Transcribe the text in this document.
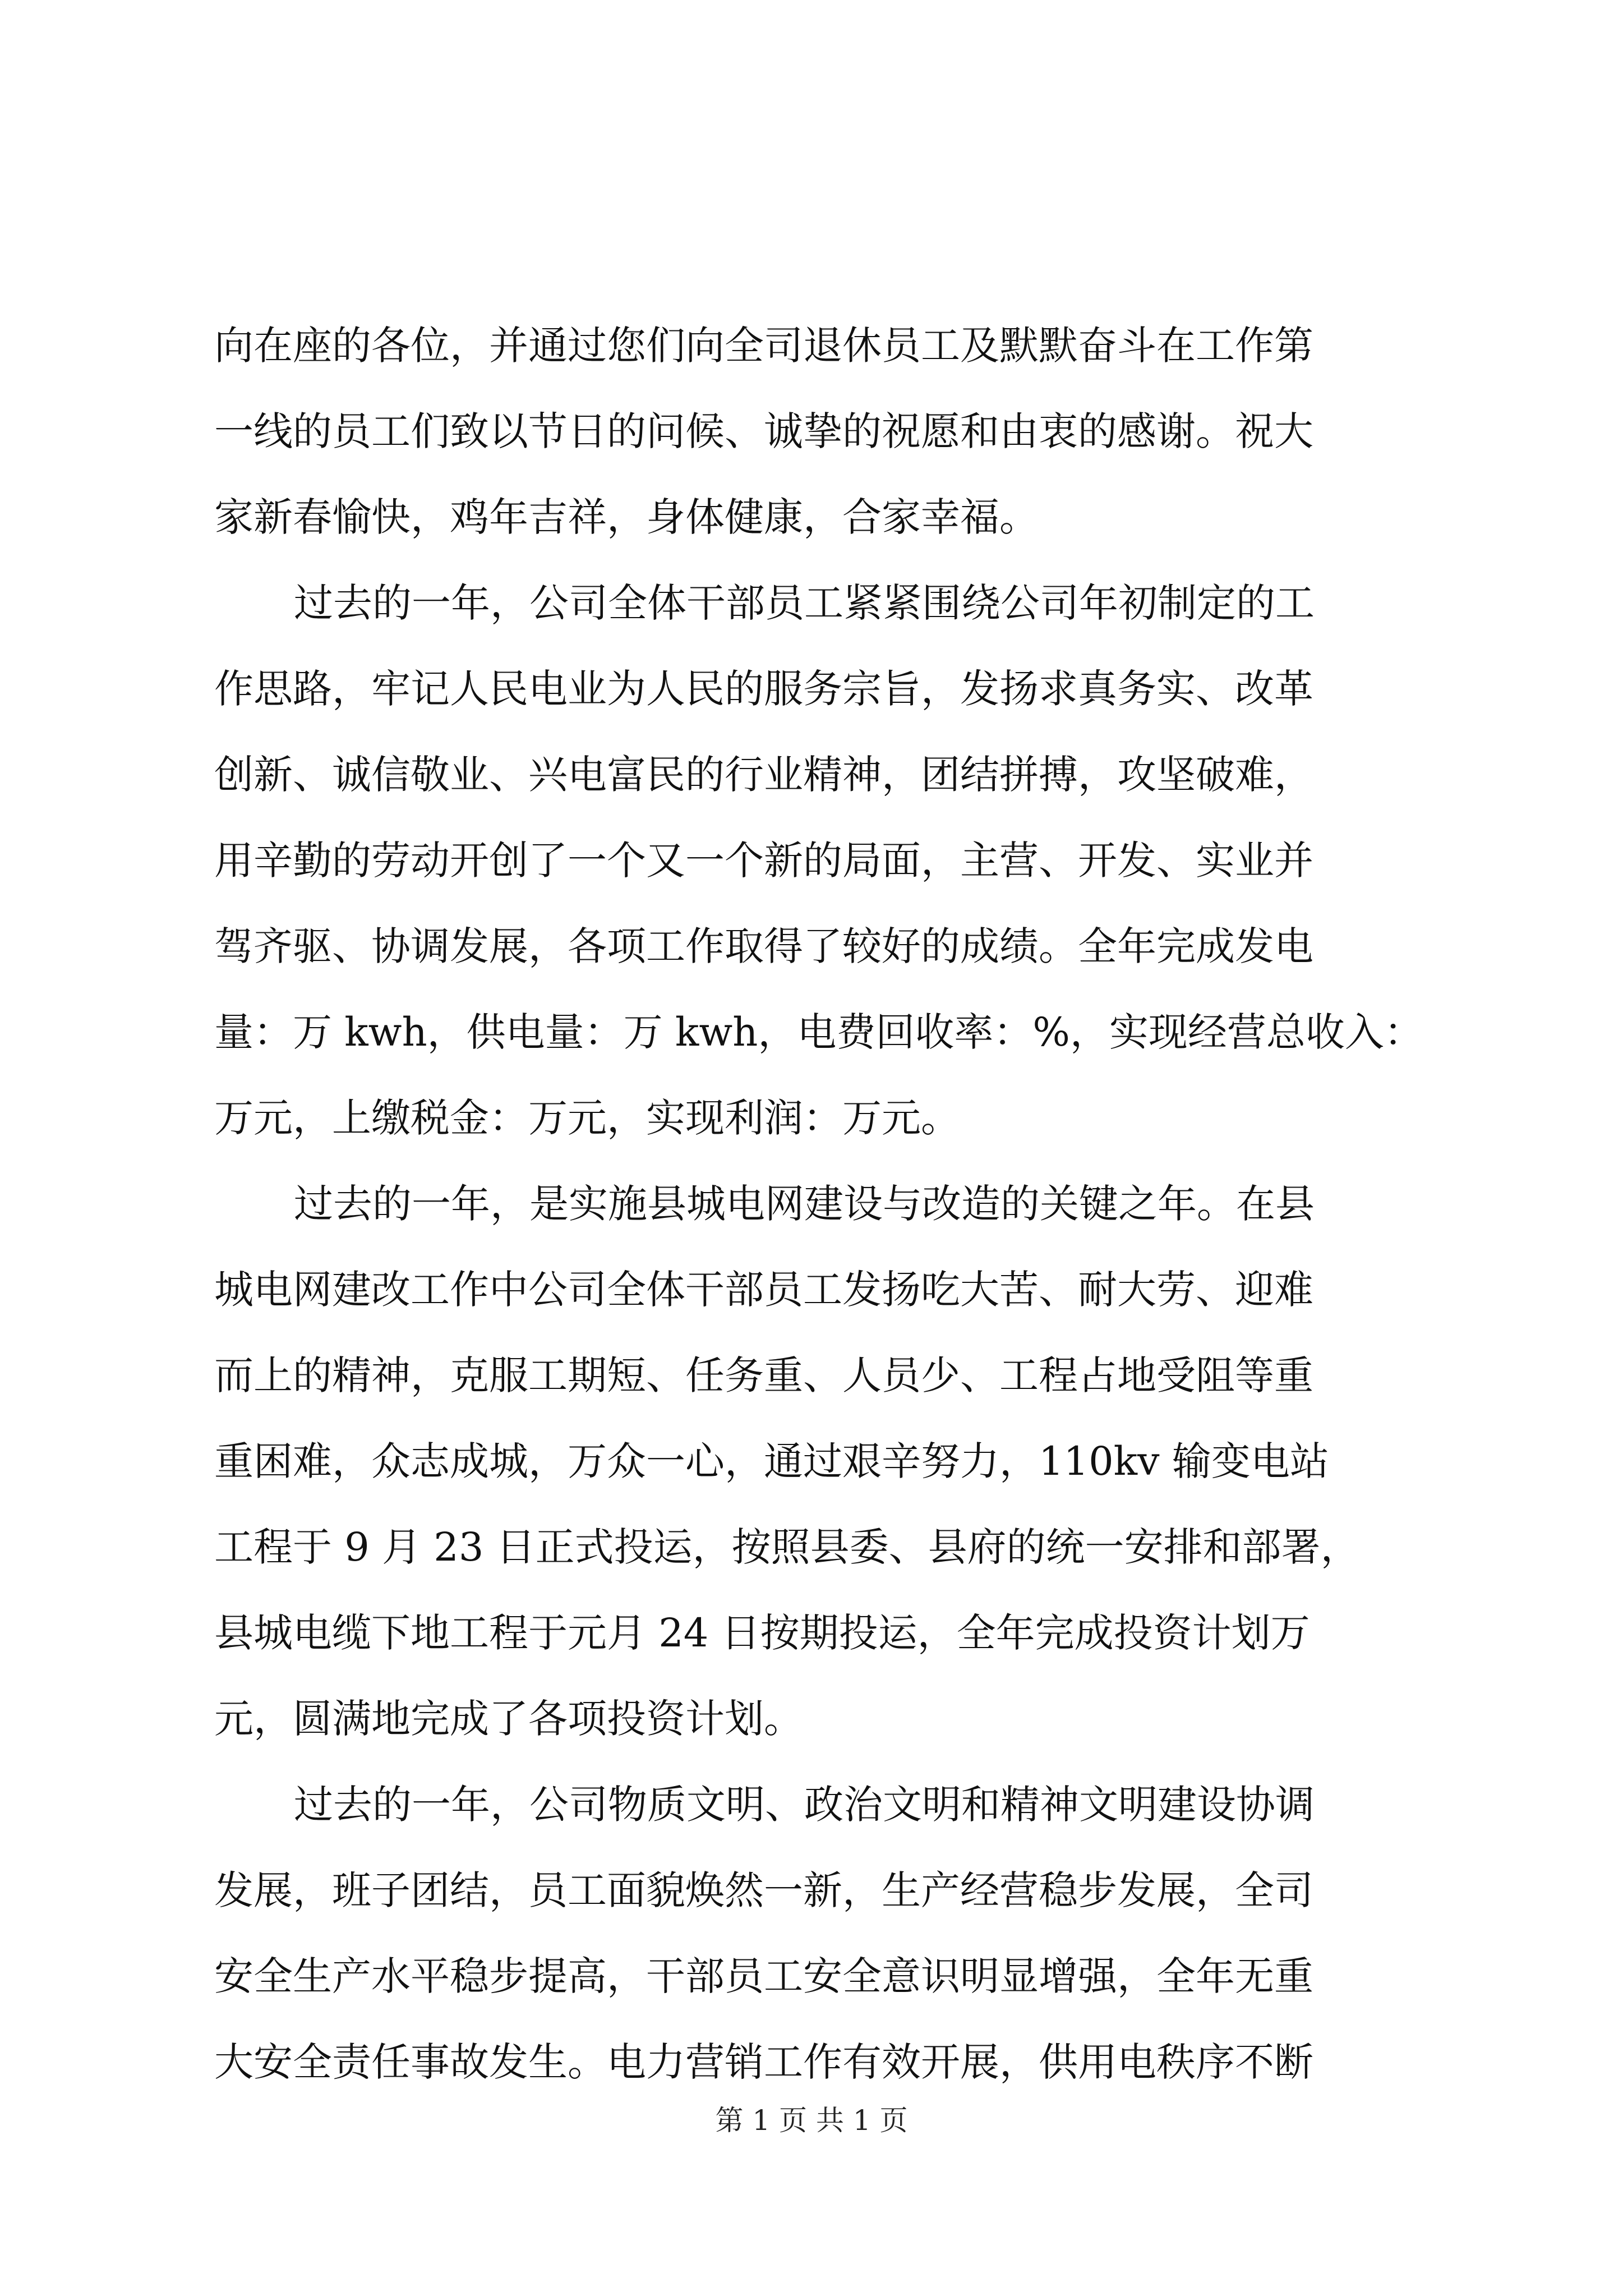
向在座的各位，并通过您们向全司退休员工及默默奋斗在工作第
一线的员工们致以节日的问候、诚挚的祝愿和由衷的感谢。祝大
家新春愉快，鸡年吉祥，身体健康，合家幸福。
过去的一年，公司全体干部员工紧紧围绕公司年初制定的工
作思路，牢记人民电业为人民的服务宗旨，发扬求真务实、改革
创新、诚信敬业、兴电富民的行业精神，团结拼搏，攻坚破难，
用辛勤的劳动开创了一个又一个新的局面，主营、开发、实业并
驾齐驱、协调发展，各项工作取得了较好的成绩。全年完成发电
量：万 kwh，供电量：万 kwh，电费回收率：%，实现经营总收入：
万元，上缴税金：万元，实现利润：万元。
过去的一年，是实施县城电网建设与改造的关键之年。在县
城电网建改工作中公司全体干部员工发扬吃大苦、耐大劳、迎难
而上的精神，克服工期短、任务重、人员少、工程占地受阻等重
重困难，众志成城，万众一心，通过艰辛努力，110kv 输变电站
工程于 9 月 23 日正式投运，按照县委、县府的统一安排和部署，
县城电缆下地工程于元月 24 日按期投运，全年完成投资计划万
元，圆满地完成了各项投资计划。
过去的一年，公司物质文明、政治文明和精神文明建设协调
发展，班子团结，员工面貌焕然一新，生产经营稳步发展，全司
安全生产水平稳步提高，干部员工安全意识明显增强，全年无重
大安全责任事故发生。电力营销工作有效开展，供用电秩序不断
第 1 页 共 1 页
